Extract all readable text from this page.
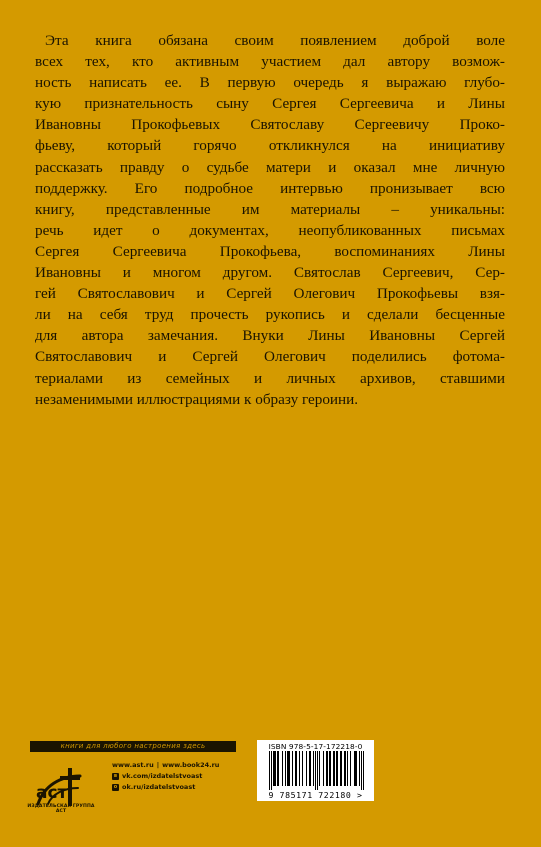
Эта книга обязана своим появлением доброй воле
всех тех, кто активным участием дал автору возмож-
ность написать ее. В первую очередь я выражаю глубо-
кую признательность сыну Сергея Сергеевича и Лины
Ивановны Прокофьевых Святославу Сергеевичу Проко-
фьеву, который горячо откликнулся на инициативу
рассказать правду о судьбе матери и оказал мне личную
поддержку. Его подробное интервью пронизывает всю
книгу, представленные им материалы – уникальны:
речь идет о документах, неопубликованных письмах
Сергея Сергеевича Прокофьева, воспоминаниях Лины
Ивановны и многом другом. Святослав Сергеевич, Сер-
гей Святославович и Сергей Олегович Прокофьевы взя-
ли на себя труд прочесть рукопись и сделали бесценные
для автора замечания. Внуки Лины Ивановны Сергей
Святославович и Сергей Олегович поделились фотома-
териалами из семейных и личных архивов, ставшими
незаменимыми иллюстрациями к образу героини.
книги для любого настроения здесь
аст
ИЗДАТЕЛЬСКАЯ ГРУППА АСТ
www.ast.ru | www.book24.ru
в vk.com/izdatelstvoast
о ok.ru/izdatelstvoast
ISBN 978-5-17-172218-0
9 785171 722180 >
